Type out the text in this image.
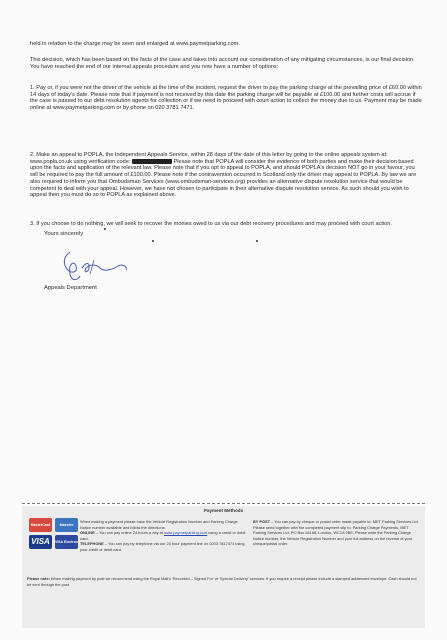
held in relation to the charge may be seen and enlarged at www.paymetparking.com.

This decision, which has been based on the facts of the case and takes into account our consideration of any mitigating circumstances, is our final decision. You have reached the end of our internal appeals procedure and you now have a number of options:

1. Pay or, if you were not the driver of the vehicle at the time of the incident, request the driver to pay the parking charge at the prevailing price of £60.00 within 14 days of today's date. Please note that if payment is not received by this date the parking charge will be payable at £100.00 and further costs will accrue if the case is passed to our debt resolution agents for collection or if we need to proceed with court action to collect the money due to us. Payment may be made online at www.paymetparking.com or by phone on 020 3781 7471.

2. Make an appeal to POPLA, the Independent Appeals Service, within 28 days of the date of this letter by going to the online appeals system at: www.popla.co.uk using verification code:	Please note that POPLA will consider the evidence of both parties and make their decision based upon the facts and application of the relevant law. Please note that if you opt to appeal to POPLA, and should POPLA's decision NOT go in your favour, you will be required to pay the full amount of £100.00. Please note if the contravention occurred in Scotland only the driver may appeal to POPLA. By law we are also required to inform you that Ombudsman Services (www.ombudsman-services.org) provides an alternative dispute resolution service that would be competent to deal with your appeal. However, we have not chosen to participate in their alternative dispute resolution service. As such should you wish to appeal then you must do so to POPLA as explained above.

3. If you choose to do nothing, we will seek to recover the monies owed to us via our debt recovery procedures and may proceed with court action.

Yours sincerely
Appeals Department
Payment Methods
MasterCard	Maestro
VISA	VISA Electron
When making a payment please have the Vehicle Registration Number and Parking Charge Notice number available and follow the directions:
ONLINE – You can pay online 24 hours a day at www.paymetparking.com using a credit or debit card.
TELEPHONE – You can pay by telephone via our 24 hour payment line on 0203 7817471 using your credit or debit card.
BY POST – You can pay by cheque or postal order made payable to: MET Parking Services Ltd.
Please send together with the completed payment slip to: Parking Charge Payments, MET Parking Services Ltd, PO Box 64168, London, WC1A 9BE. Please write the Parking Charge Notice number, the Vehicle Registration Number and your full address on the reverse of your cheque/postal order.
Please note: When making payment by post we recommend using the Royal Mail's 'Recorded – Signed For' or 'Special Delivery' services. If you require a receipt please include a stamped addressed envelope. Cash should not be sent through the post.
